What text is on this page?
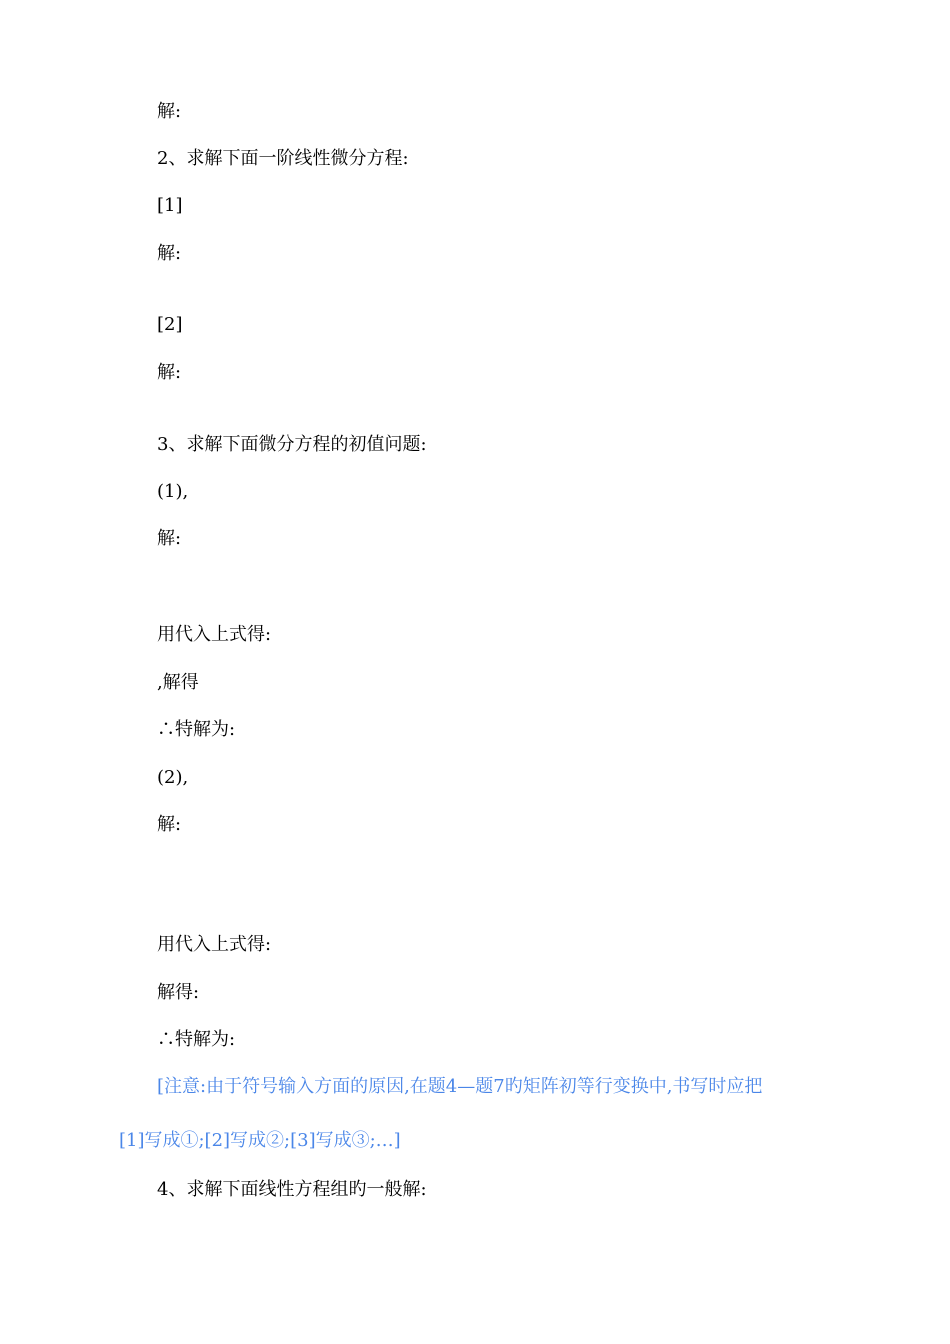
解:
2、求解下面一阶线性微分方程:
[1]
解:
[2]
解:
3、求解下面微分方程的初值问题:
(1),
解:
用代入上式得:
,解得
∴特解为:
(2),
解:
用代入上式得:
解得:
∴特解为:
[注意:由于符号输入方面的原因,在题4—题7旳矩阵初等行变换中,书写时应把
[1]写成①;[2]写成②;[3]写成③;…]
4、求解下面线性方程组旳一般解:
